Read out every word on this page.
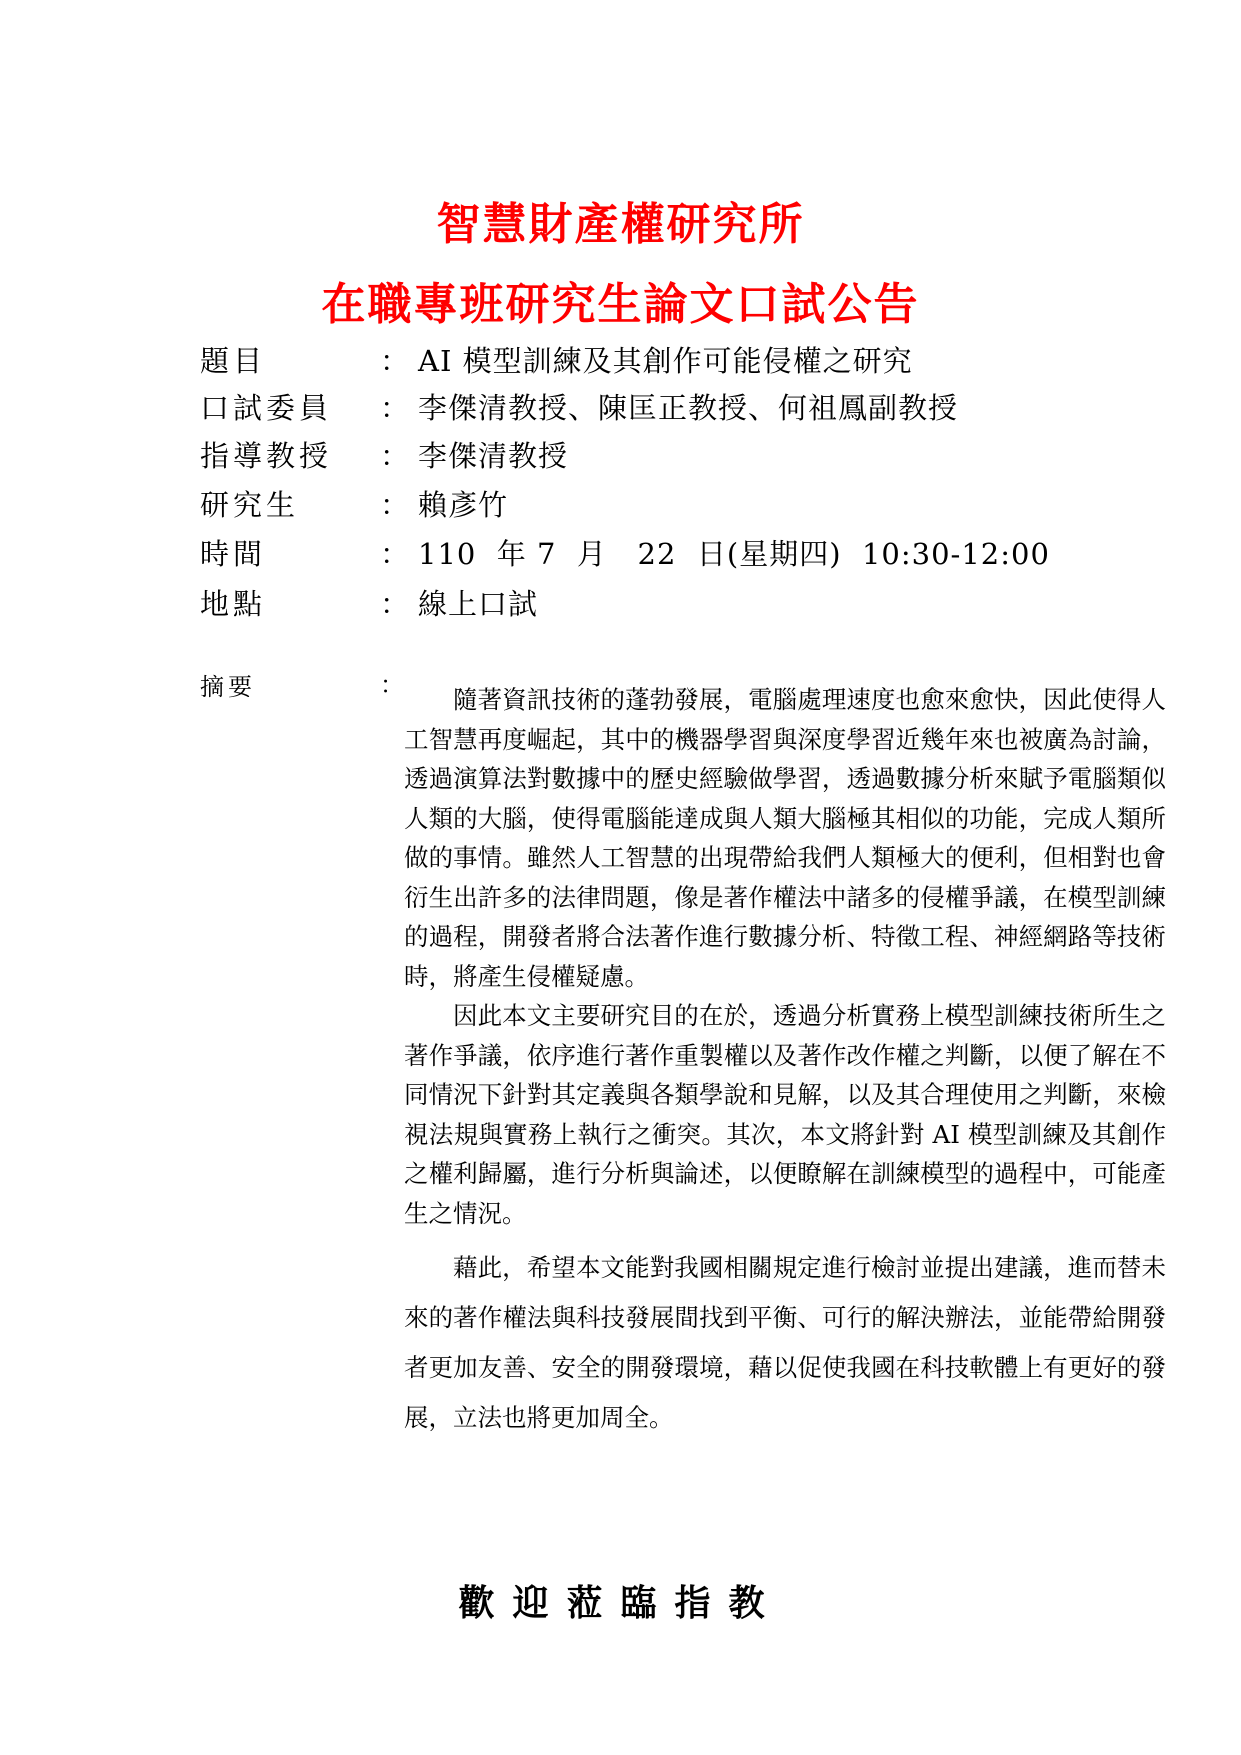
智慧財產權研究所
在職專班研究生論文口試公告
題目	： AI 模型訓練及其創作可能侵權之研究
口試委員 ： 李傑清教授、陳匡正教授、何祖鳳副教授
指導教授 ： 李傑清教授
研究生	： 賴彥竹
時間	： 110  年 7  月   22  日(星期四)  10:30-12:00
地點	： 線上口試
摘要	：	隨著資訊技術的蓬勃發展，電腦處理速度也愈來愈快，因此使得人工智慧再度崛起，其中的機器學習與深度學習近幾年來也被廣為討論，透過演算法對數據中的歷史經驗做學習，透過數據分析來賦予電腦類似人類的大腦，使得電腦能達成與人類大腦極其相似的功能，完成人類所做的事情。雖然人工智慧的出現帶給我們人類極大的便利，但相對也會衍生出許多的法律問題，像是著作權法中諸多的侵權爭議，在模型訓練的過程，開發者將合法著作進行數據分析、特徵工程、神經網路等技術時，將產生侵權疑慮。

因此本文主要研究目的在於，透過分析實務上模型訓練技術所生之著作爭議，依序進行著作重製權以及著作改作權之判斷，以便了解在不同情況下針對其定義與各類學說和見解，以及其合理使用之判斷，來檢視法規與實務上執行之衝突。其次，本文將針對 AI 模型訓練及其創作之權利歸屬，進行分析與論述，以便瞭解在訓練模型的過程中，可能產生之情況。

藉此，希望本文能對我國相關規定進行檢討並提出建議，進而替未來的著作權法與科技發展間找到平衡、可行的解決辦法，並能帶給開發者更加友善、安全的開發環境，藉以促使我國在科技軟體上有更好的發展，立法也將更加周全。

歡迎蒞臨指教
